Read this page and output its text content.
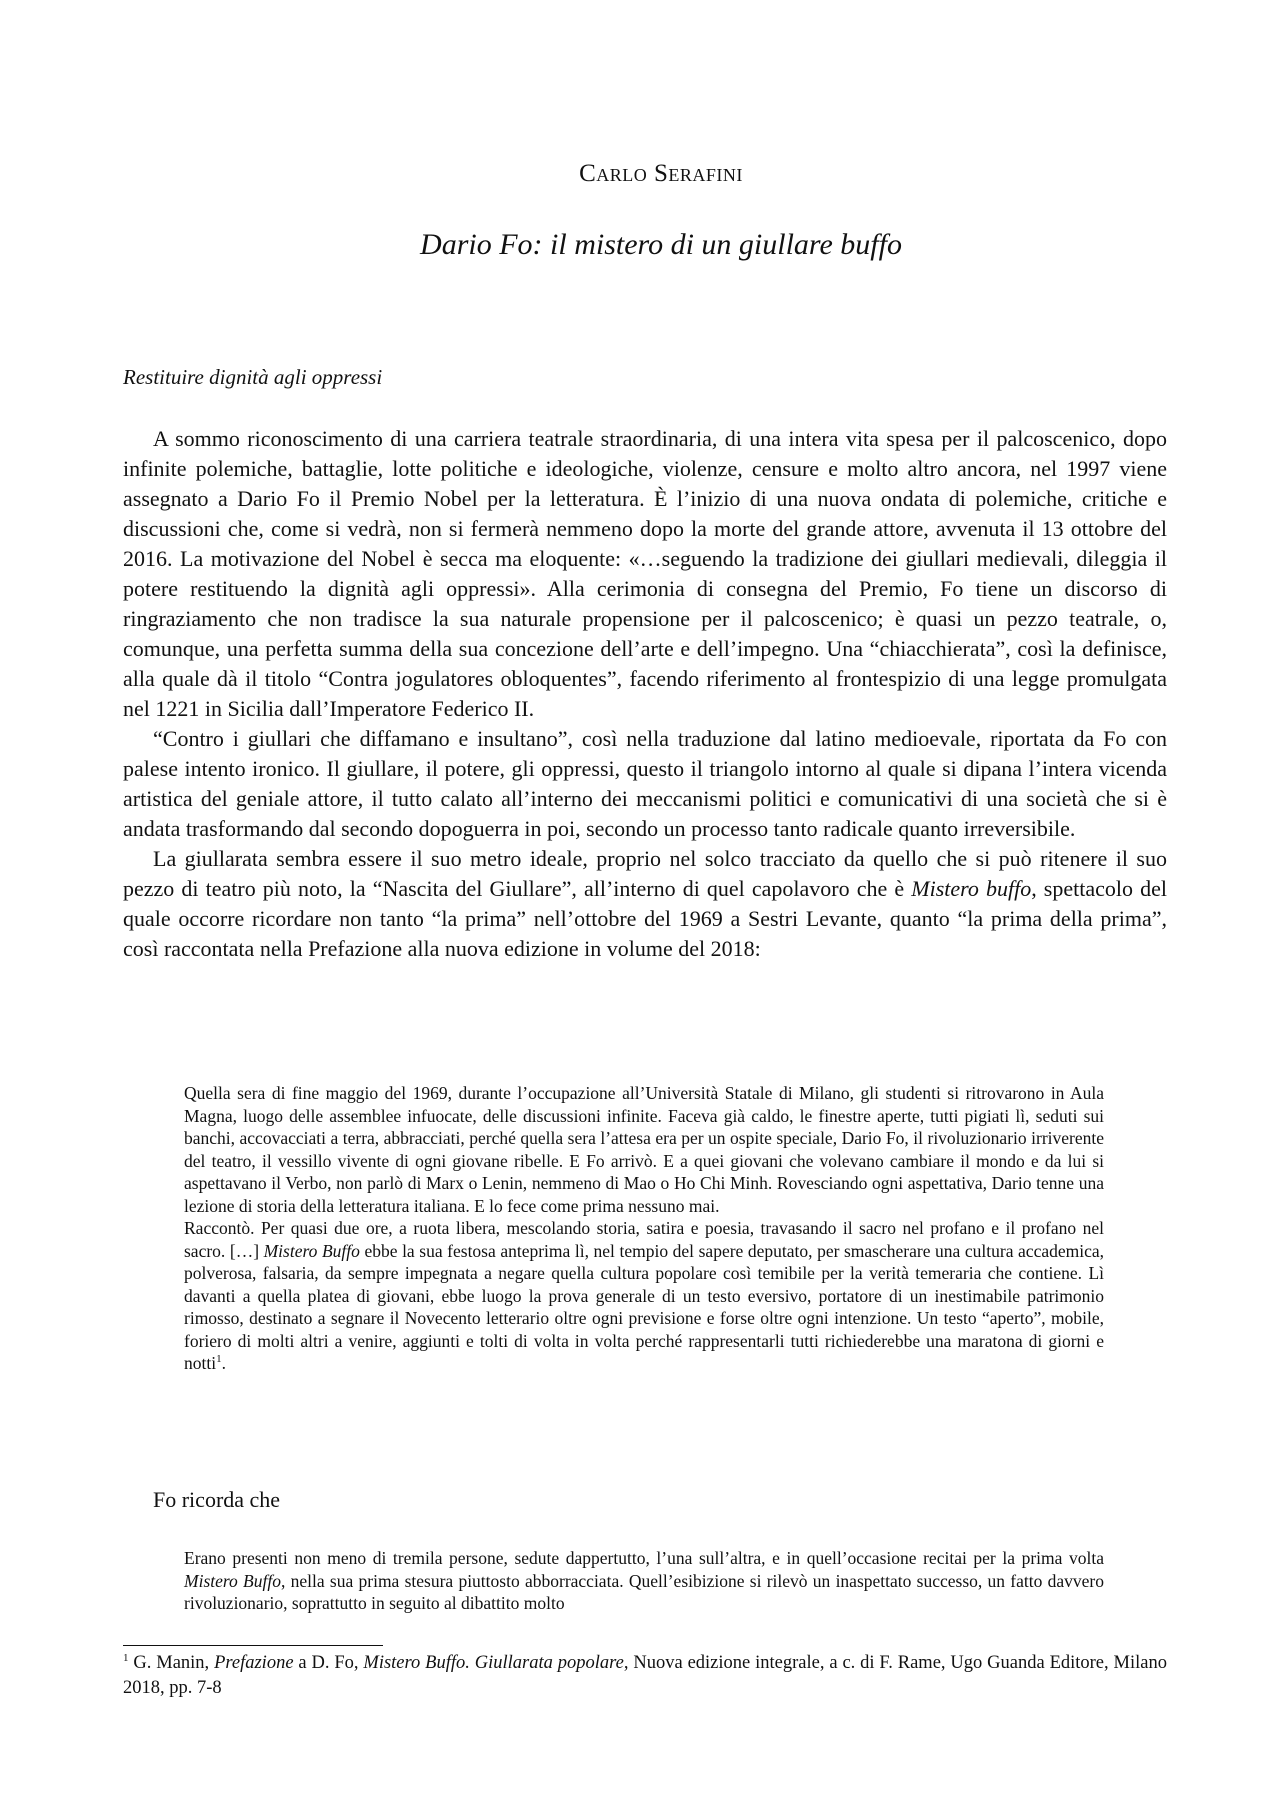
Carlo Serafini
Dario Fo: il mistero di un giullare buffo
Restituire dignità agli oppressi

A sommo riconoscimento di una carriera teatrale straordinaria, di una intera vita spesa per il palcoscenico, dopo infinite polemiche, battaglie, lotte politiche e ideologiche, violenze, censure e molto altro ancora, nel 1997 viene assegnato a Dario Fo il Premio Nobel per la letteratura. È l’inizio di una nuova ondata di polemiche, critiche e discussioni che, come si vedrà, non si fermerà nemmeno dopo la morte del grande attore, avvenuta il 13 ottobre del 2016. La motivazione del Nobel è secca ma eloquente: «…seguendo la tradizione dei giullari medievali, dileggia il potere restituendo la dignità agli oppressi». Alla cerimonia di consegna del Premio, Fo tiene un discorso di ringraziamento che non tradisce la sua naturale propensione per il palcoscenico; è quasi un pezzo teatrale, o, comunque, una perfetta summa della sua concezione dell’arte e dell’impegno. Una “chiacchierata”, così la definisce, alla quale dà il titolo “Contra jogulatores obloquentes”, facendo riferimento al frontespizio di una legge promulgata nel 1221 in Sicilia dall’Imperatore Federico II.

“Contro i giullari che diffamano e insultano”, così nella traduzione dal latino medioevale, riportata da Fo con palese intento ironico. Il giullare, il potere, gli oppressi, questo il triangolo intorno al quale si dipana l’intera vicenda artistica del geniale attore, il tutto calato all’interno dei meccanismi politici e comunicativi di una società che si è andata trasformando dal secondo dopoguerra in poi, secondo un processo tanto radicale quanto irreversibile.

La giullarata sembra essere il suo metro ideale, proprio nel solco tracciato da quello che si può ritenere il suo pezzo di teatro più noto, la “Nascita del Giullare”, all’interno di quel capolavoro che è Mistero buffo, spettacolo del quale occorre ricordare non tanto “la prima” nell’ottobre del 1969 a Sestri Levante, quanto “la prima della prima”, così raccontata nella Prefazione alla nuova edizione in volume del 2018:

Quella sera di fine maggio del 1969, durante l’occupazione all’Università Statale di Milano, gli studenti si ritrovarono in Aula Magna, luogo delle assemblee infuocate, delle discussioni infinite. Faceva già caldo, le finestre aperte, tutti pigiati lì, seduti sui banchi, accovacciati a terra, abbracciati, perché quella sera l’attesa era per un ospite speciale, Dario Fo, il rivoluzionario irriverente del teatro, il vessillo vivente di ogni giovane ribelle. E Fo arrivò. E a quei giovani che volevano cambiare il mondo e da lui si aspettavano il Verbo, non parlò di Marx o Lenin, nemmeno di Mao o Ho Chi Minh. Rovesciando ogni aspettativa, Dario tenne una lezione di storia della letteratura italiana. E lo fece come prima nessuno mai.

Raccontò. Per quasi due ore, a ruota libera, mescolando storia, satira e poesia, travasando il sacro nel profano e il profano nel sacro. […] Mistero Buffo ebbe la sua festosa anteprima lì, nel tempio del sapere deputato, per smascherare una cultura accademica, polverosa, falsaria, da sempre impegnata a negare quella cultura popolare così temibile per la verità temeraria che contiene. Lì davanti a quella platea di giovani, ebbe luogo la prova generale di un testo eversivo, portatore di un inestimabile patrimonio rimosso, destinato a segnare il Novecento letterario oltre ogni previsione e forse oltre ogni intenzione. Un testo “aperto”, mobile, foriero di molti altri a venire, aggiunti e tolti di volta in volta perché rappresentarli tutti richiederebbe una maratona di giorni e notti$^1$.

Fo ricorda che

Erano presenti non meno di tremila persone, sedute dappertutto, l’una sull’altra, e in quell’occasione recitai per la prima volta Mistero Buffo, nella sua prima stesura piuttosto abborracciata. Quell’esibizione si rilevò un inaspettato successo, un fatto davvero rivoluzionario, soprattutto in seguito al dibattito molto

$^1$ G. Manin, Prefazione a D. Fo, Mistero Buffo. Giullarata popolare, Nuova edizione integrale, a c. di F. Rame, Ugo Guanda Editore, Milano 2018, pp. 7-8
